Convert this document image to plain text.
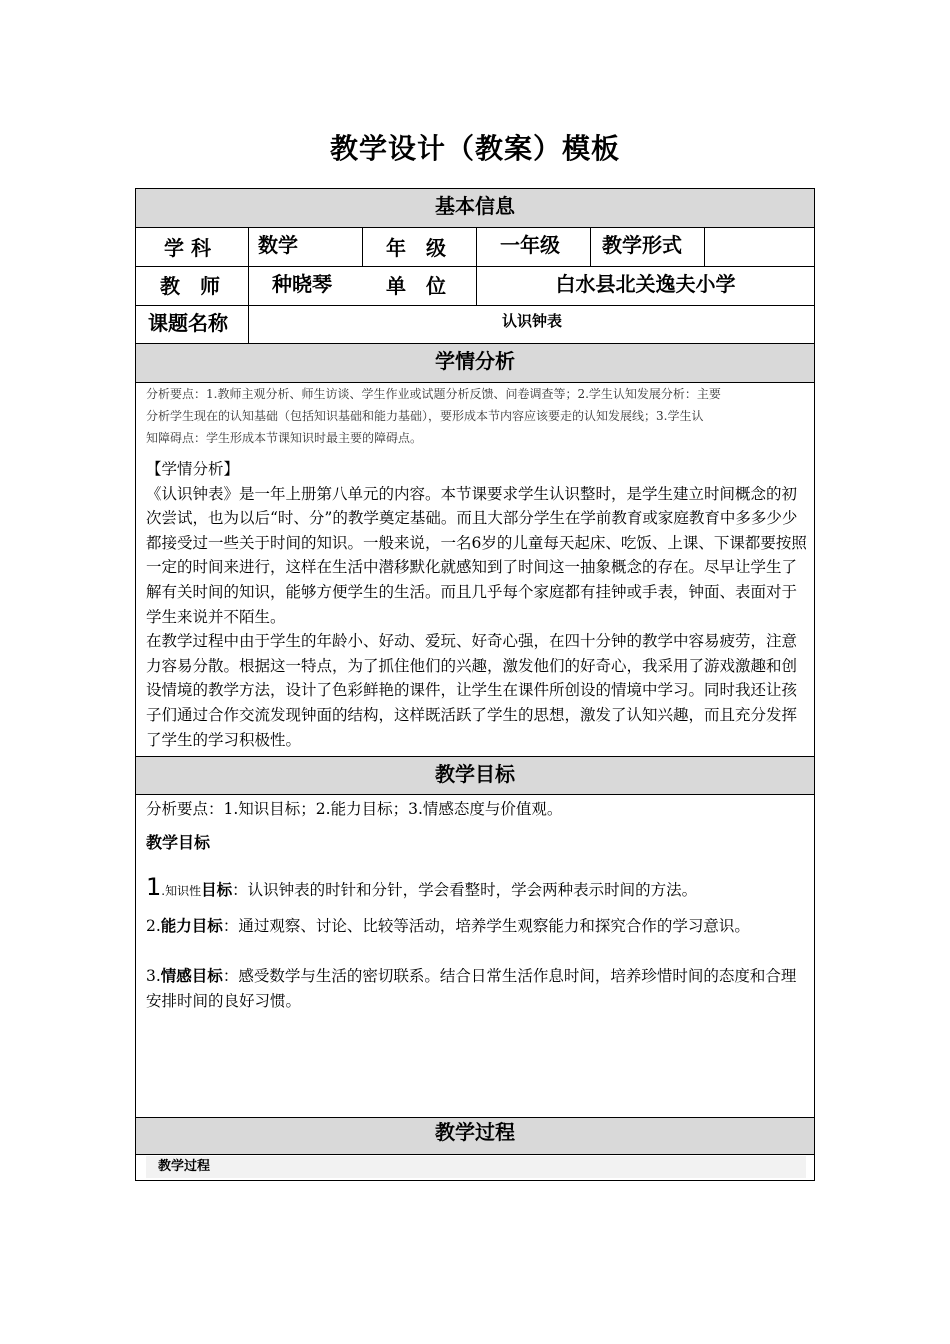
教学设计（教案）模板
基本信息
学 科 数学	年　级	一年级 教学形式
教　师	种晓琴	单　位	白水县北关逸夫小学
课题名称	认识钟表
学情分析
分析要点：1.教师主观分析、师生访谈、学生作业或试题分析反馈、问卷调查等；2.学生认知发展分析：主要
分析学生现在的认知基础（包括知识基础和能力基础），要形成本节内容应该要走的认知发展线；3.学生认
知障碍点：学生形成本节课知识时最主要的障碍点。

【学情分析】

《认识钟表》是一年上册第八单元的内容。本节课要求学生认识整时，是学生建立时间概念的初次尝试，也为以后“时、分”的教学奠定基础。而且大部分学生在学前教育或家庭教育中多多少少都接受过一些关于时间的知识。一般来说，一名6岁的儿童每天起床、吃饭、上课、下课都要按照一定的时间来进行，这样在生活中潜移默化就感知到了时间这一抽象概念的存在。尽早让学生了解有关时间的知识，能够方便学生的生活。而且几乎每个家庭都有挂钟或手表，钟面、表面对于学生来说并不陌生。

在教学过程中由于学生的年龄小、好动、爱玩、好奇心强，在四十分钟的教学中容易疲劳，注意力容易分散。根据这一特点，为了抓住他们的兴趣，激发他们的好奇心，我采用了游戏激趣和创设情境的教学方法，设计了色彩鲜艳的课件，让学生在课件所创设的情境中学习。同时我还让孩子们通过合作交流发现钟面的结构，这样既活跃了学生的思想，激发了认知兴趣，而且充分发挥了学生的学习积极性。

教学目标
分析要点：1.知识目标；2.能力目标；3.情感态度与价值观。
教学目标
1.知识性目标：认识钟表的时针和分针，学会看整时，学会两种表示时间的方法。
2.能力目标：通过观察、讨论、比较等活动，培养学生观察能力和探究合作的学习意识。
3.情感目标：感受数学与生活的密切联系。结合日常生活作息时间，培养珍惜时间的态度和合理安排时间的良好习惯。
教学过程
教学过程
